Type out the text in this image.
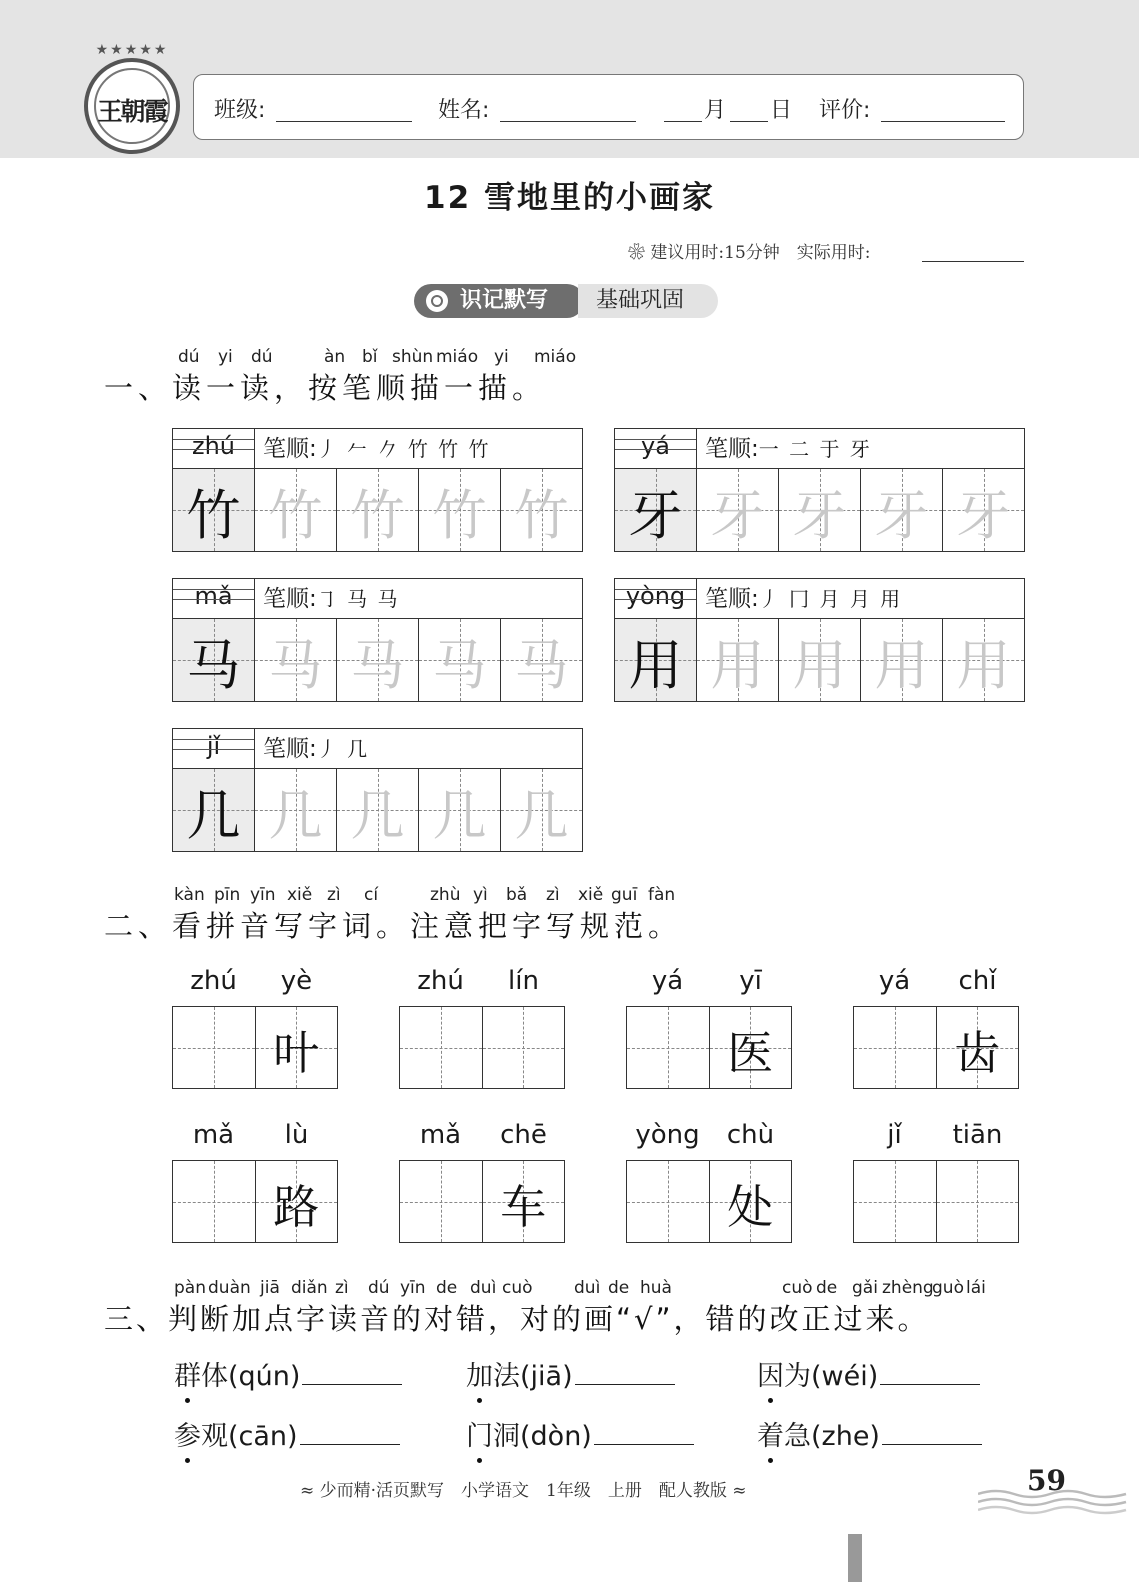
★★★★★
王朝霞	班级:	姓名:	月 日 评价:
12 雪地里的小画家
❀ 建议用时:15分钟　实际用时:
识记默写	基础巩固
dú yi dú	àn bǐ shùn miáo yi miáo
一、读一读，按笔顺描一描。
zhú	笔顺:丿 𠂉 𠂊 竹 竹 竹
竹 竹 竹 竹 竹
yá	笔顺:一 二 于 牙
牙 牙 牙 牙 牙
mǎ	笔顺:㇆ 马 马
马 马 马 马 马
yòng 笔顺:丿 冂 月 月 用
用 用 用 用 用
jǐ	笔顺:丿 几
几 几 几 几 几
kàn pīn yīn xiě zì cí	zhù yì bǎ zì xiě guī fàn
二、看拼音写字词。注意把字写规范。
zhú	yè
叶
zhú	lín	yá	yī
医
yá	chǐ
齿
mǎ	lù
路
mǎ	chē
车
yòng	chù
处
jǐ	tiān
pàn duàn jiā diǎn zì dú yīn de duì cuò duì de huà	cuò de gǎi zhèng
guò lái
三、判断加点字读音的对错，对的画“√”，错的改正过来。
群体(qún)	加法(jiā)	因为(wéi)
参观(cān)	门洞(dòn)	着急(zhe)
≈ 少而精·活页默写　小学语文　1年级　上册　配人教版 ≈	59
